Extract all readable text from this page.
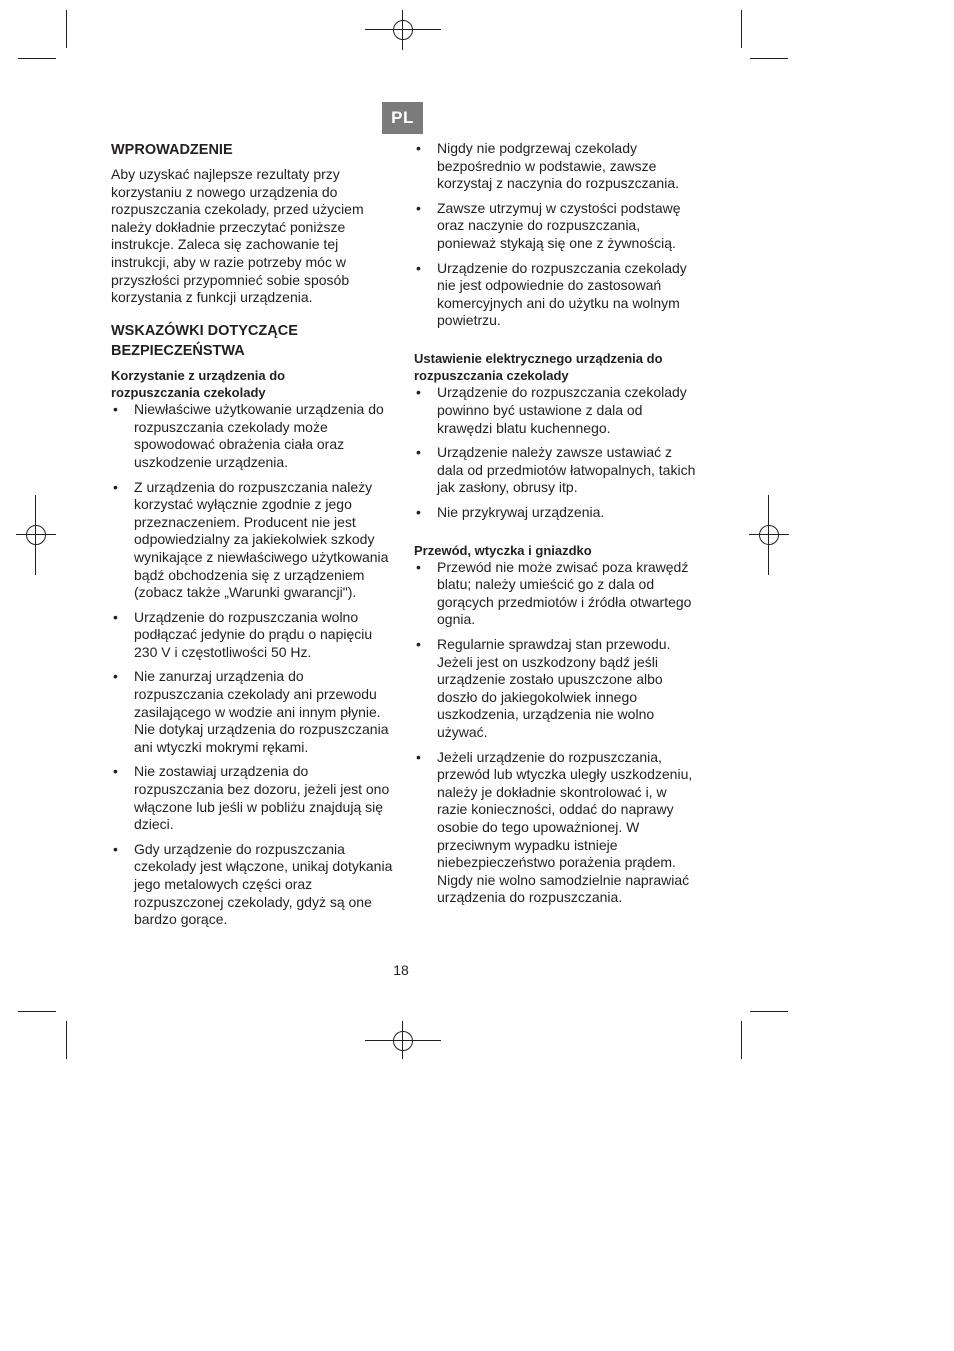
PL
WPROWADZENIE

Aby uzyskać najlepsze rezultaty przy korzystaniu z nowego urządzenia do rozpuszczania czekolady, przed użyciem należy dokładnie przeczytać poniższe instrukcje. Zaleca się zachowanie tej instrukcji, aby w razie potrzeby móc w przyszłości przypomnieć sobie sposób korzystania z funkcji urządzenia.

WSKAZÓWKI DOTYCZĄCE
BEZPIECZEŃSTWA
Korzystanie z urządzenia do
rozpuszczania czekolady
• Niewłaściwe użytkowanie urządzenia do rozpuszczania czekolady może spowodować obrażenia ciała oraz uszkodzenie urządzenia.
• Z urządzenia do rozpuszczania należy korzystać wyłącznie zgodnie z jego przeznaczeniem. Producent nie jest odpowiedzialny za jakiekolwiek szkody wynikające z niewłaściwego użytkowania bądź obchodzenia się z urządzeniem (zobacz także „Warunki gwarancji").
• Urządzenie do rozpuszczania wolno podłączać jedynie do prądu o napięciu 230 V i częstotliwości 50 Hz.
• Nie zanurzaj urządzenia do rozpuszczania czekolady ani przewodu zasilającego w wodzie ani innym płynie. Nie dotykaj urządzenia do rozpuszczania ani wtyczki mokrymi rękami.
• Nie zostawiaj urządzenia do rozpuszczania bez dozoru, jeżeli jest ono włączone lub jeśli w pobliżu znajdują się dzieci.
• Gdy urządzenie do rozpuszczania czekolady jest włączone, unikaj dotykania jego metalowych części oraz rozpuszczonej czekolady, gdyż są one bardzo gorące.
• Nigdy nie podgrzewaj czekolady bezpośrednio w podstawie, zawsze korzystaj z naczynia do rozpuszczania.
• Zawsze utrzymuj w czystości podstawę oraz naczynie do rozpuszczania, ponieważ stykają się one z żywnością.
• Urządzenie do rozpuszczania czekolady nie jest odpowiednie do zastosowań komercyjnych ani do użytku na wolnym powietrzu.
Ustawienie elektrycznego urządzenia do
rozpuszczania czekolady
• Urządzenie do rozpuszczania czekolady powinno być ustawione z dala od krawędzi blatu kuchennego.
• Urządzenie należy zawsze ustawiać z dala od przedmiotów łatwopalnych, takich jak zasłony, obrusy itp.
• Nie przykrywaj urządzenia.
Przewód, wtyczka i gniazdko
• Przewód nie może zwisać poza krawędź blatu; należy umieścić go z dala od gorących przedmiotów i źródła otwartego ognia.
• Regularnie sprawdzaj stan przewodu. Jeżeli jest on uszkodzony bądź jeśli urządzenie zostało upuszczone albo doszło do jakiegokolwiek innego uszkodzenia, urządzenia nie wolno używać.
• Jeżeli urządzenie do rozpuszczania, przewód lub wtyczka uległy uszkodzeniu, należy je dokładnie skontrolować i, w razie konieczności, oddać do naprawy osobie do tego upoważnionej. W przeciwnym wypadku istnieje niebezpieczeństwo porażenia prądem. Nigdy nie wolno samodzielnie naprawiać urządzenia do rozpuszczania.
18
